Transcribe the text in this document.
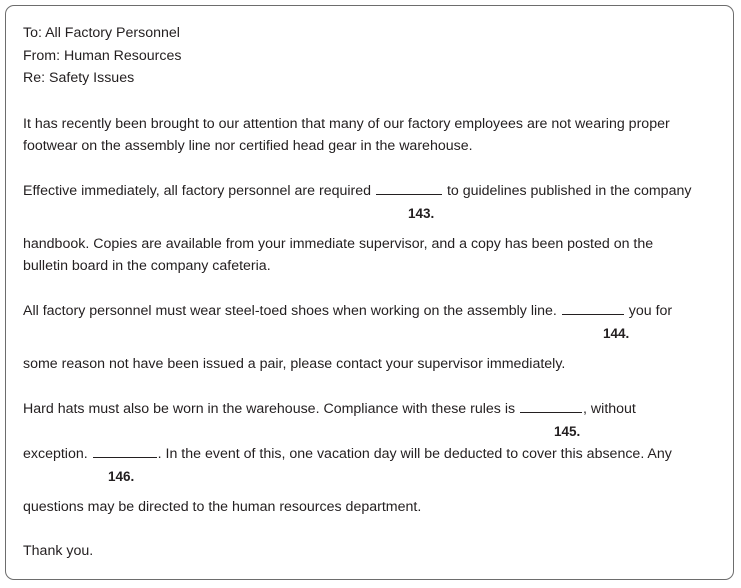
To: All Factory Personnel
From: Human Resources
Re: Safety Issues
It has recently been brought to our attention that many of our factory employees are not wearing proper
footwear on the assembly line nor certified head gear in the warehouse.
Effective immediately, all factory personnel are required	to guidelines published in the company
143.
handbook. Copies are available from your immediate supervisor, and a copy has been posted on the
bulletin board in the company cafeteria.
All factory personnel must wear steel-toed shoes when working on the assembly line.	you for
144.
some reason not have been issued a pair, please contact your supervisor immediately.
Hard hats must also be worn in the warehouse. Compliance with these rules is	, without
145.
exception.	. In the event of this, one vacation day will be deducted to cover this absence. Any
146.
questions may be directed to the human resources department.
Thank you.
